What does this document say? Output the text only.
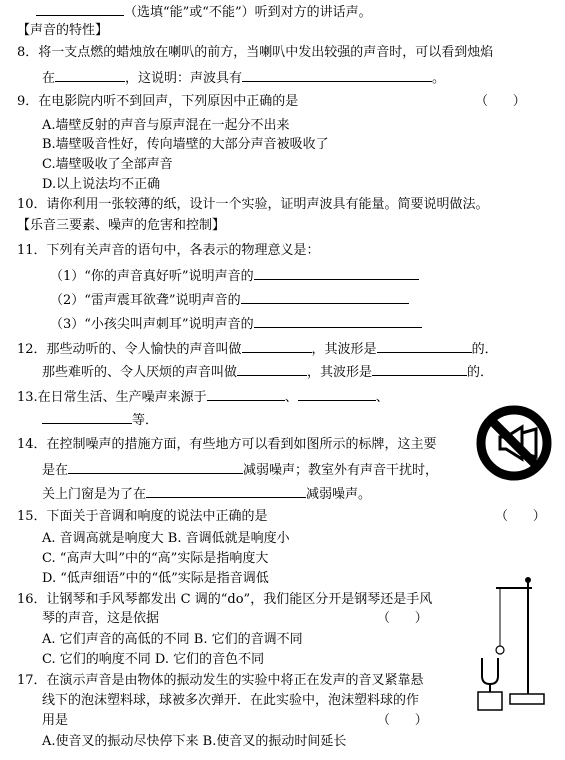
（选填“能”或“不能”）听到对方的讲话声。
【声音的特性】
8．将一支点燃的蜡烛放在喇叭的前方，当喇叭中发出较强的声音时，可以看到烛焰
在	，这说明：声波具有	。
9．在电影院内听不到回声，下列原因中正确的是
A.墙壁反射的声音与原声混在一起分不出来
B.墙壁吸音性好，传向墙壁的大部分声音被吸收了
C.墙壁吸收了全部声音
D.以上说法均不正确
10．请你利用一张较薄的纸，设计一个实验，证明声波具有能量。简要说明做法。
【乐音三要素、噪声的危害和控制】
11．下列有关声音的语句中，各表示的物理意义是：
（1）“你的声音真好听”说明声音的
（2）“雷声震耳欲聋”说明声音的
（3）“小孩尖叫声刺耳”说明声音的
12．那些动听的、令人愉快的声音叫做	，其波形是	的．
那些难听的、令人厌烦的声音叫做	，其波形是	的．
13.在日常生活、生产噪声来源于	、	、
等．
14．在控制噪声的措施方面，有些地方可以看到如图所示的标牌，这主要
是在	减弱噪声；教室外有声音干扰时，
关上门窗是为了在	减弱噪声。
15．下面关于音调和响度的说法中正确的是
A. 音调高就是响度大 B. 音调低就是响度小
C. “高声大叫”中的“高”实际是指响度大
D. “低声细语”中的“低”实际是指音调低
16．让钢琴和手风琴都发出 C 调的“do”，我们能区分开是钢琴还是手风
琴的声音，这是依据
A. 它们声音的高低的不同 B. 它们的音调不同
C. 它们的响度不同 D. 它们的音色不同
17．在演示声音是由物体的振动发生的实验中将正在发声的音叉紧靠悬
线下的泡沫塑料球，球被多次弹开．在此实验中，泡沫塑料球的作
用是
A.使音叉的振动尽快停下来 B.使音叉的振动时间延长
（      ）
（      ）
（      ）
（      ）
